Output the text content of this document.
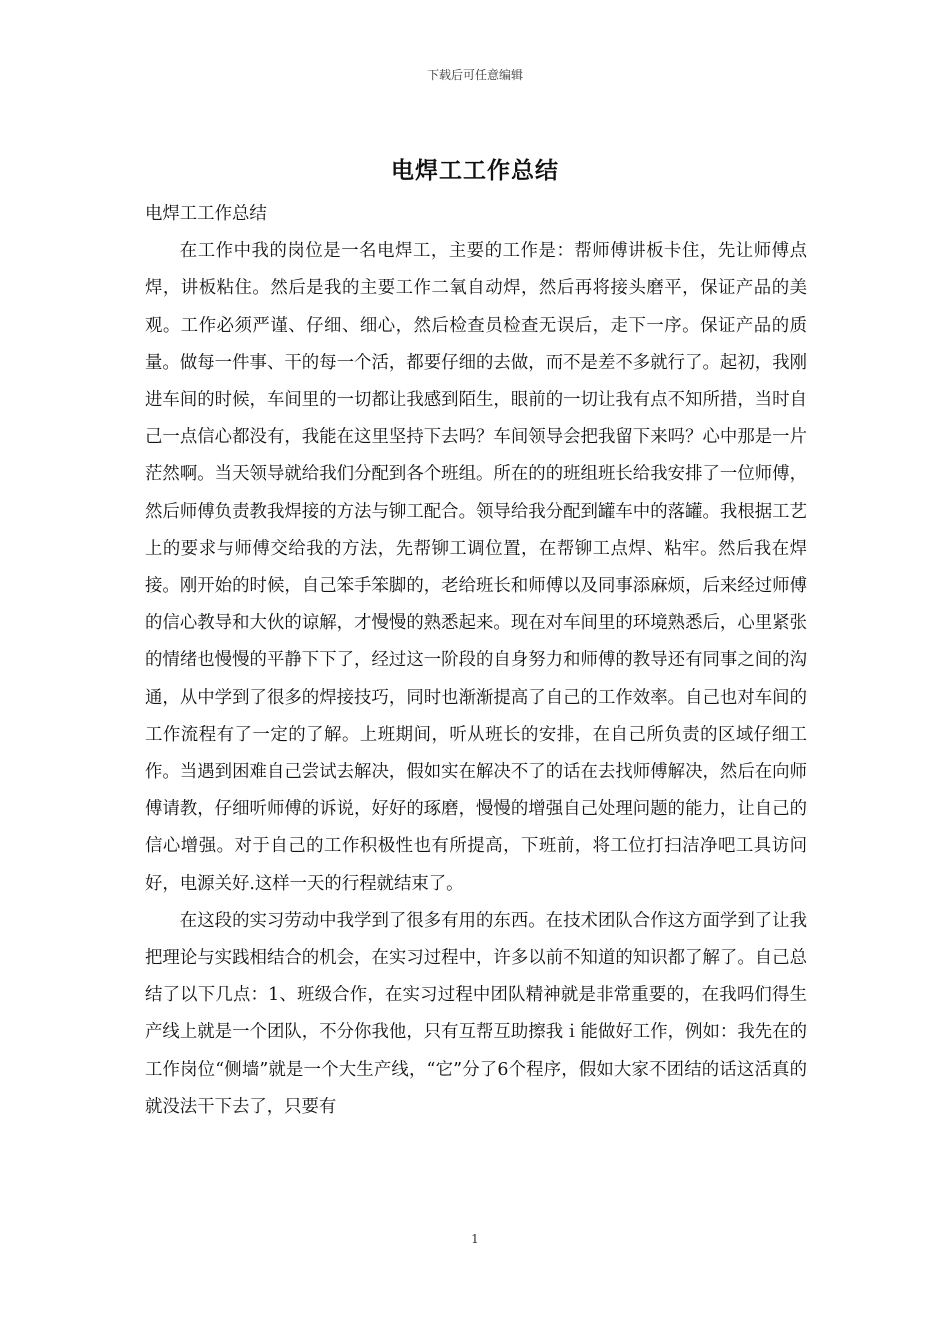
下载后可任意编辑
电焊工工作总结

电焊工工作总结

在工作中我的岗位是一名电焊工，主要的工作是：帮师傅讲板卡住，先让师傅点焊，讲板粘住。然后是我的主要工作二氧自动焊，然后再将接头磨平，保证产品的美观。工作必须严谨、仔细、细心，然后检查员检查无误后，走下一序。保证产品的质量。做每一件事、干的每一个活，都要仔细的去做，而不是差不多就行了。起初，我刚进车间的时候，车间里的一切都让我感到陌生，眼前的一切让我有点不知所措，当时自己一点信心都没有，我能在这里坚持下去吗？车间领导会把我留下来吗？心中那是一片茫然啊。当天领导就给我们分配到各个班组。所在的的班组班长给我安排了一位师傅，然后师傅负责教我焊接的方法与铆工配合。领导给我分配到罐车中的落罐。我根据工艺上的要求与师傅交给我的方法，先帮铆工调位置，在帮铆工点焊、粘牢。然后我在焊接。刚开始的时候，自己笨手笨脚的，老给班长和师傅以及同事添麻烦，后来经过师傅的信心教导和大伙的谅解，才慢慢的熟悉起来。现在对车间里的环境熟悉后，心里紧张的情绪也慢慢的平静下下了，经过这一阶段的自身努力和师傅的教导还有同事之间的沟通，从中学到了很多的焊接技巧，同时也渐渐提高了自己的工作效率。自己也对车间的工作流程有了一定的了解。上班期间，听从班长的安排，在自己所负责的区域仔细工作。当遇到困难自己尝试去解决，假如实在解决不了的话在去找师傅解决，然后在向师傅请教，仔细听师傅的诉说，好好的琢磨，慢慢的增强自己处理问题的能力，让自己的信心增强。对于自己的工作积极性也有所提高，下班前，将工位打扫洁净吧工具访问好，电源关好.这样一天的行程就结束了。

在这段的实习劳动中我学到了很多有用的东西。在技术团队合作这方面学到了让我把理论与实践相结合的机会，在实习过程中，许多以前不知道的知识都了解了。自己总结了以下几点：1、班级合作，在实习过程中团队精神就是非常重要的，在我吗们得生产线上就是一个团队，不分你我他，只有互帮互助擦我ｉ能做好工作，例如：我先在的工作岗位“侧墙”就是一个大生产线，“它”分了6个程序，假如大家不团结的话这活真的就没法干下去了，只要有

1
